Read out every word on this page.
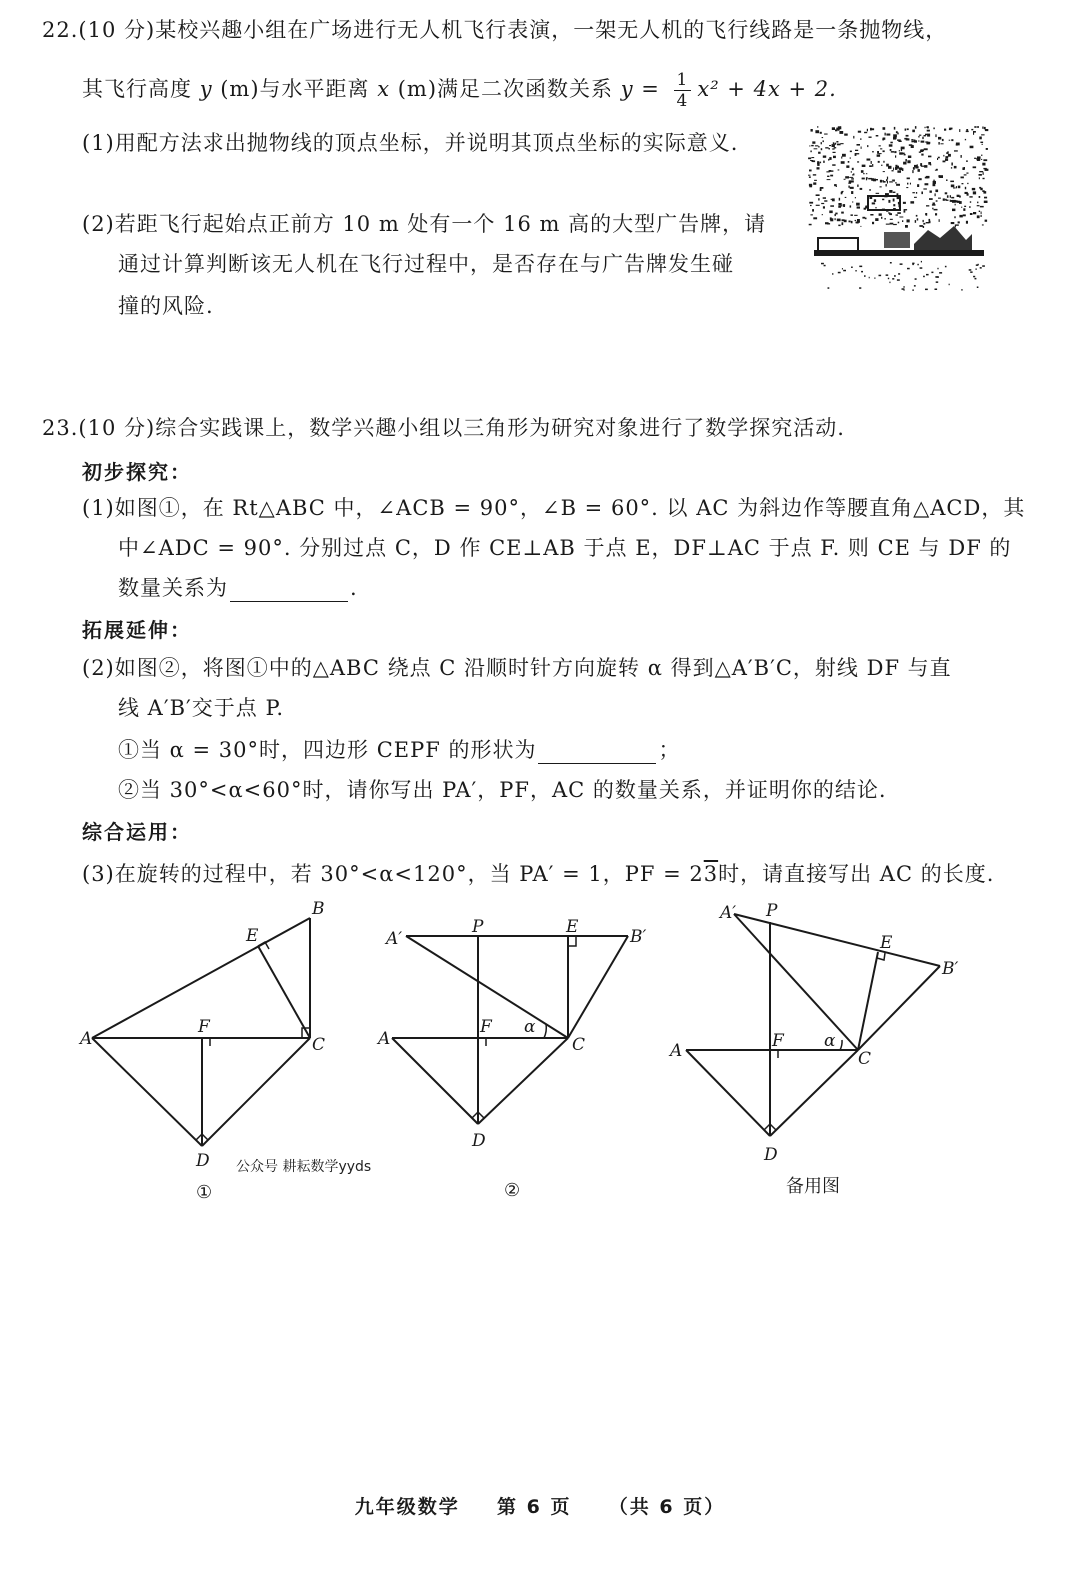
22.(10 分)某校兴趣小组在广场进行无人机飞行表演，一架无人机的飞行线路是一条抛物线，
其飞行高度 y (m)与水平距离 x (m)满足二次函数关系 $y = \frac{1}{4} x^2 + 4x + 2$.
(1)用配方法求出抛物线的顶点坐标，并说明其顶点坐标的实际意义.
(2)若距飞行起始点正前方 10 m 处有一个 16 m 高的大型广告牌，请
通过计算判断该无人机在飞行过程中，是否存在与广告牌发生碰
撞的风险.
23.(10 分)综合实践课上，数学兴趣小组以三角形为研究对象进行了数学探究活动.
初步探究：
(1)如图①，在 Rt△ABC 中，∠ACB = 90°，∠B = 60°. 以 AC 为斜边作等腰直角△ACD，其
中∠ADC = 90°. 分别过点 C，D 作 CE⊥AB 于点 E，DF⊥AC 于点 F. 则 CE 与 DF 的
数量关系为	.
拓展延伸：
(2)如图②，将图①中的△ABC 绕点 C 沿顺时针方向旋转 α 得到△A′B′C，射线 DF 与直
线 A′B′交于点 P.
①当 α = 30°时，四边形 CEPF 的形状为	；
②当 30°<α<60°时，请你写出 PA′，PF，AC 的数量关系，并证明你的结论.
综合运用：
(3)在旋转的过程中，若 30°<α<120°，当 PA′ = 1，PF = 23时，请直接写出 AC 的长度.
A
B
C
D
E
F
①
公众号 耕耘数学yyds
A′
P	E	B′
A	C
D
F α
②
A′ P
E
B′
A	C
D
F α
备用图
九年级数学 第 6 页 （共 6 页）
